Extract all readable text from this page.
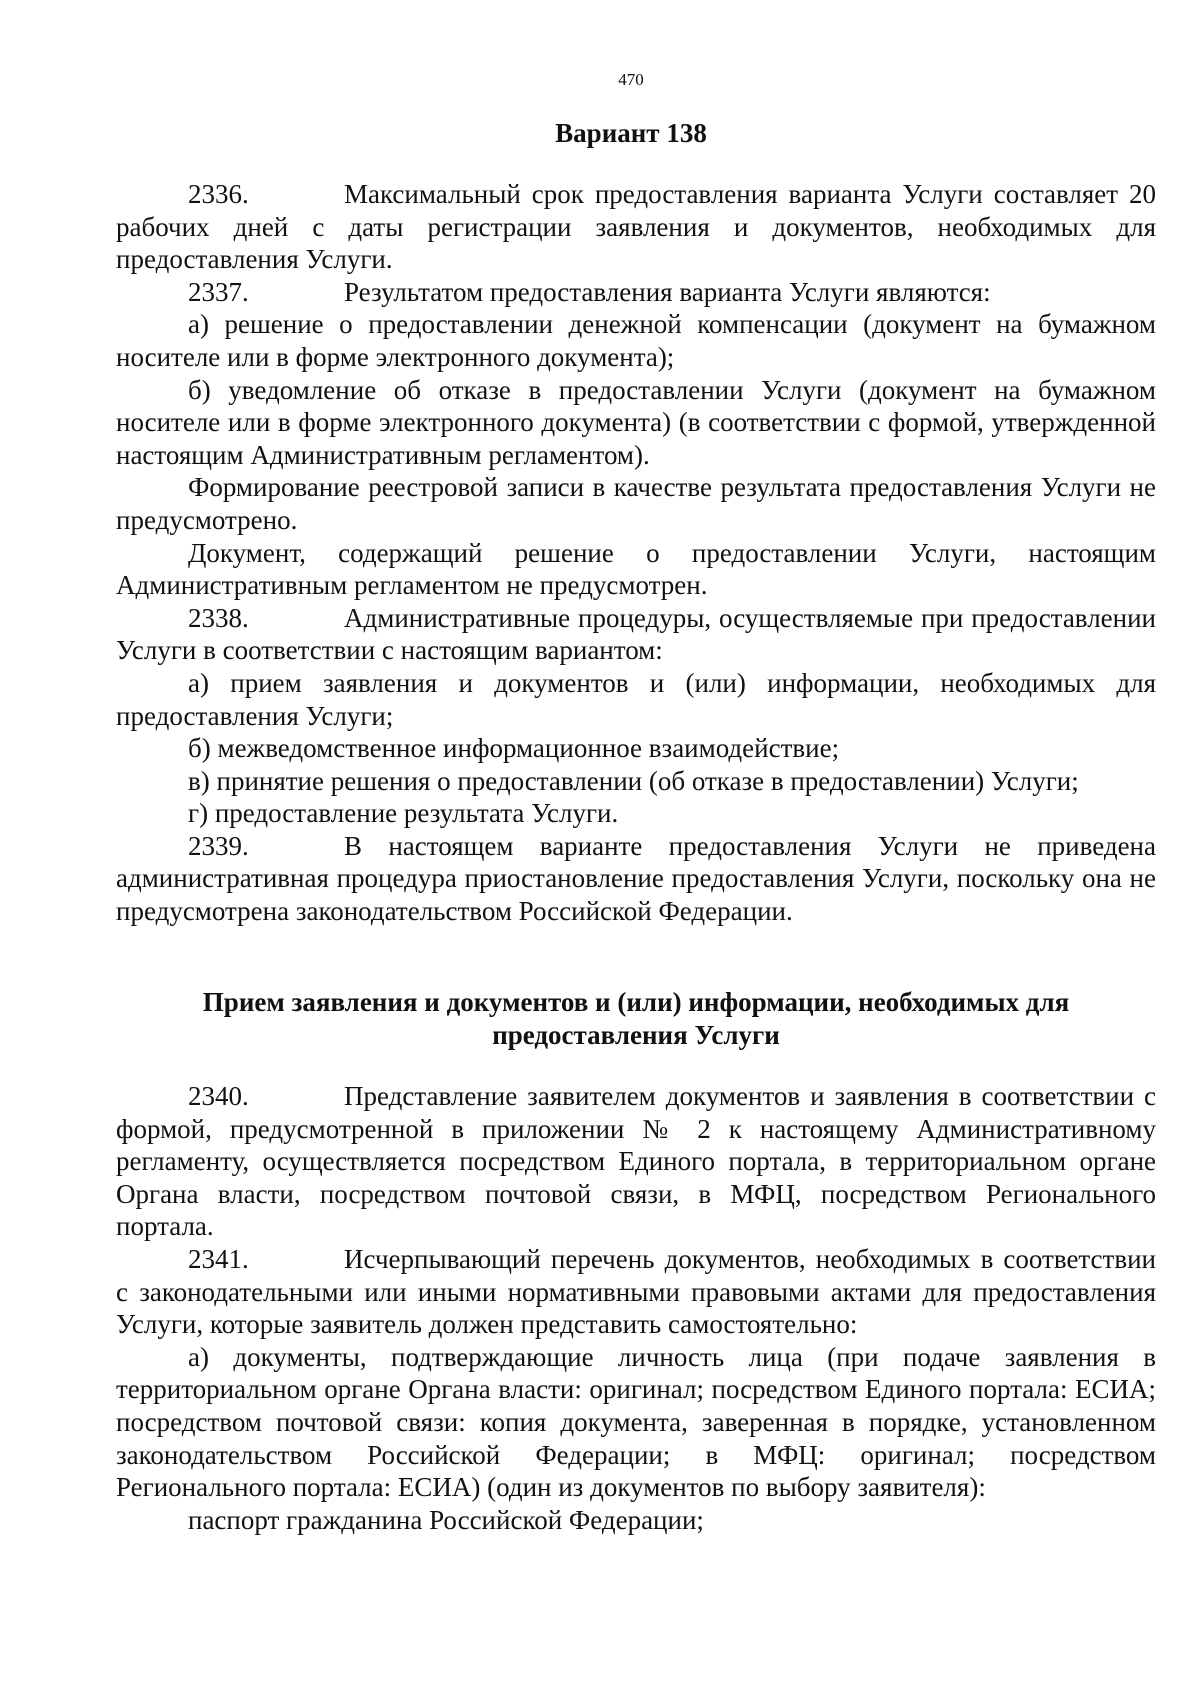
470
Вариант 138

2336.	Максимальный срок предоставления варианта Услуги составляет 20 рабочих дней с даты регистрации заявления и документов, необходимых для предоставления Услуги.

2337.	Результатом предоставления варианта Услуги являются:

а) решение о предоставлении денежной компенсации (документ на бумажном носителе или в форме электронного документа);

б) уведомление об отказе в предоставлении Услуги (документ на бумажном носителе или в форме электронного документа) (в соответствии с формой, утвержденной настоящим Административным регламентом).

Формирование реестровой записи в качестве результата предоставления Услуги не предусмотрено.

Документ, содержащий решение о предоставлении Услуги, настоящим Административным регламентом не предусмотрен.

2338.	Административные процедуры, осуществляемые при предоставлении Услуги в соответствии с настоящим вариантом:

а) прием заявления и документов и (или) информации, необходимых для предоставления Услуги;

б) межведомственное информационное взаимодействие;

в) принятие решения о предоставлении (об отказе в предоставлении) Услуги;

г) предоставление результата Услуги.

2339.	В настоящем варианте предоставления Услуги не приведена административная процедура приостановление предоставления Услуги, поскольку она не предусмотрена законодательством Российской Федерации.

Прием заявления и документов и (или) информации, необходимых для предоставления Услуги

2340.	Представление заявителем документов и заявления в соответствии с формой, предусмотренной в приложении № 2 к настоящему Административному регламенту, осуществляется посредством Единого портала, в территориальном органе Органа власти, посредством почтовой связи, в МФЦ, посредством Регионального портала.

2341.	Исчерпывающий перечень документов, необходимых в соответствии с законодательными или иными нормативными правовыми актами для предоставления Услуги, которые заявитель должен представить самостоятельно:

а) документы, подтверждающие личность лица (при подаче заявления в территориальном органе Органа власти: оригинал; посредством Единого портала: ЕСИА; посредством почтовой связи: копия документа, заверенная в порядке, установленном законодательством Российской Федерации; в МФЦ: оригинал; посредством Регионального портала: ЕСИА) (один из документов по выбору заявителя):

паспорт гражданина Российской Федерации;
